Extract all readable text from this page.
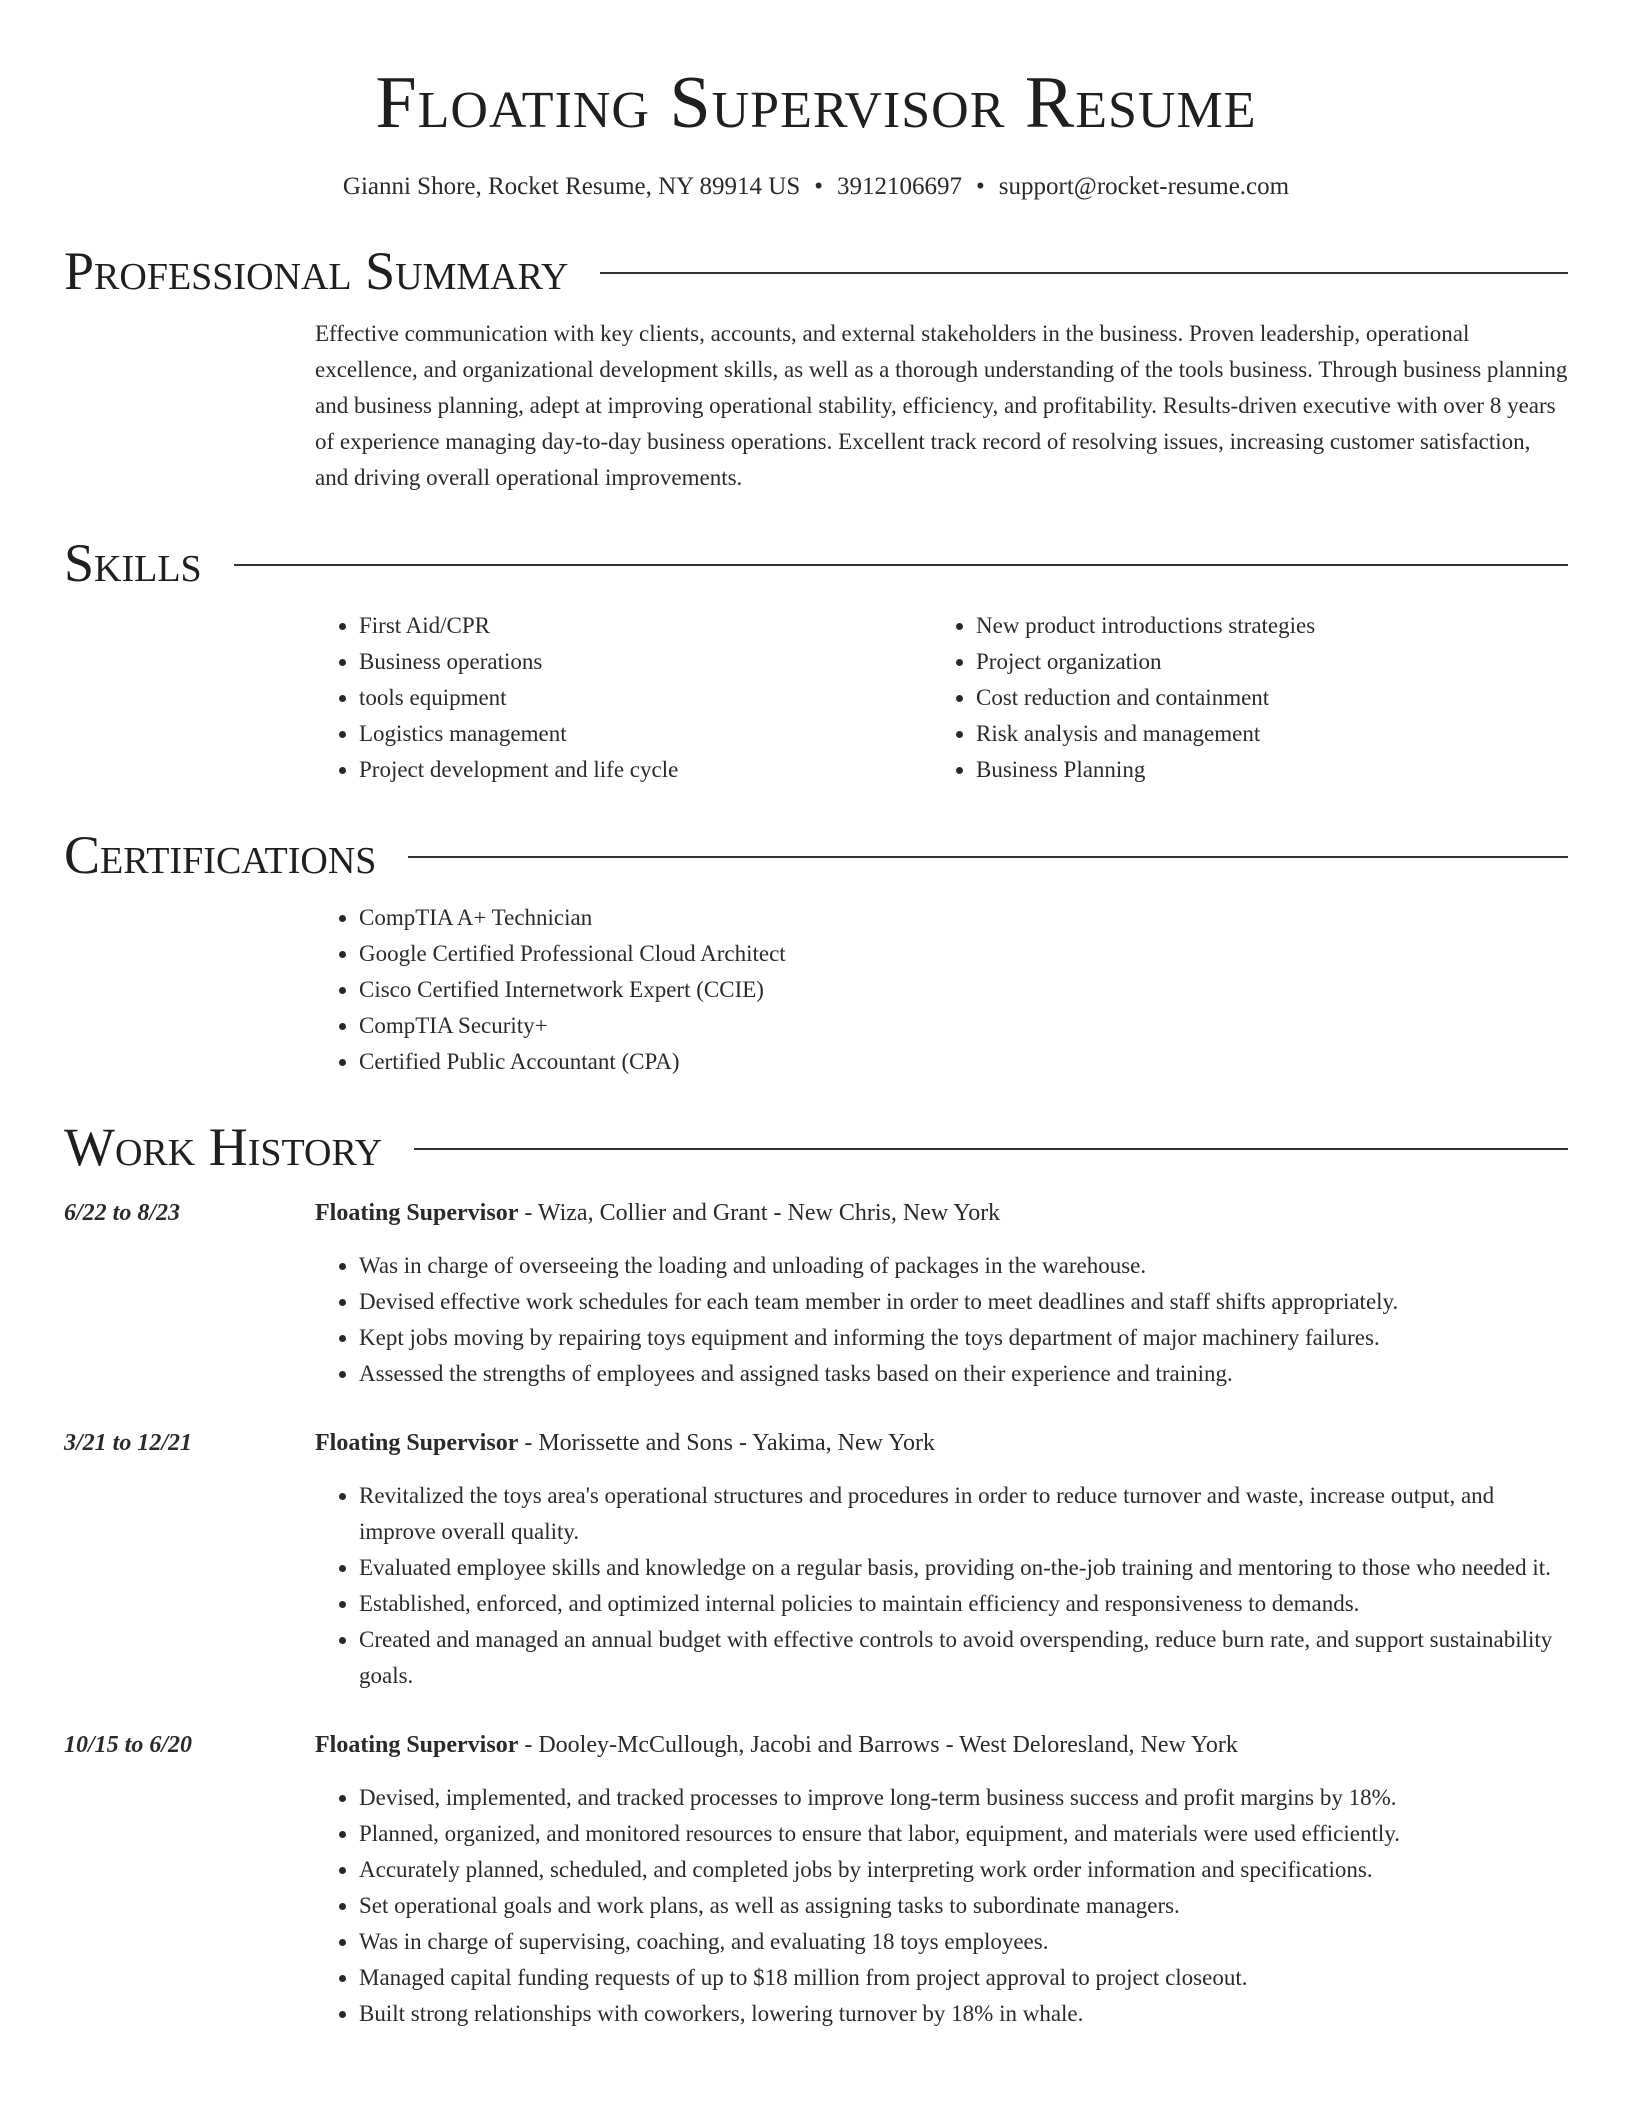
Floating Supervisor Resume
Gianni Shore, Rocket Resume, NY 89914 US • 3912106697 • support@rocket-resume.com
Professional Summary
Effective communication with key clients, accounts, and external stakeholders in the business. Proven leadership, operational excellence, and organizational development skills, as well as a thorough understanding of the tools business. Through business planning and business planning, adept at improving operational stability, efficiency, and profitability. Results-driven executive with over 8 years of experience managing day-to-day business operations. Excellent track record of resolving issues, increasing customer satisfaction, and driving overall operational improvements.
Skills
• First Aid/CPR
• Business operations
• tools equipment
• Logistics management
• Project development and life cycle
• New product introductions strategies
• Project organization
• Cost reduction and containment
• Risk analysis and management
• Business Planning
Certifications
• CompTIA A+ Technician
• Google Certified Professional Cloud Architect
• Cisco Certified Internetwork Expert (CCIE)
• CompTIA Security+
• Certified Public Accountant (CPA)
Work History
6/22 to 8/23	Floating Supervisor - Wiza, Collier and Grant - New Chris, New York
• Was in charge of overseeing the loading and unloading of packages in the warehouse.
• Devised effective work schedules for each team member in order to meet deadlines and staff shifts appropriately.
• Kept jobs moving by repairing toys equipment and informing the toys department of major machinery failures.
• Assessed the strengths of employees and assigned tasks based on their experience and training.
3/21 to 12/21	Floating Supervisor - Morissette and Sons - Yakima, New York
• Revitalized the toys area's operational structures and procedures in order to reduce turnover and waste, increase output, and improve overall quality.
• Evaluated employee skills and knowledge on a regular basis, providing on-the-job training and mentoring to those who needed it.
• Established, enforced, and optimized internal policies to maintain efficiency and responsiveness to demands.
• Created and managed an annual budget with effective controls to avoid overspending, reduce burn rate, and support sustainability goals.
10/15 to 6/20	Floating Supervisor - Dooley-McCullough, Jacobi and Barrows - West Deloresland, New York
• Devised, implemented, and tracked processes to improve long-term business success and profit margins by 18%.
• Planned, organized, and monitored resources to ensure that labor, equipment, and materials were used efficiently.
• Accurately planned, scheduled, and completed jobs by interpreting work order information and specifications.
• Set operational goals and work plans, as well as assigning tasks to subordinate managers.
• Was in charge of supervising, coaching, and evaluating 18 toys employees.
• Managed capital funding requests of up to $18 million from project approval to project closeout.
• Built strong relationships with coworkers, lowering turnover by 18% in whale.
